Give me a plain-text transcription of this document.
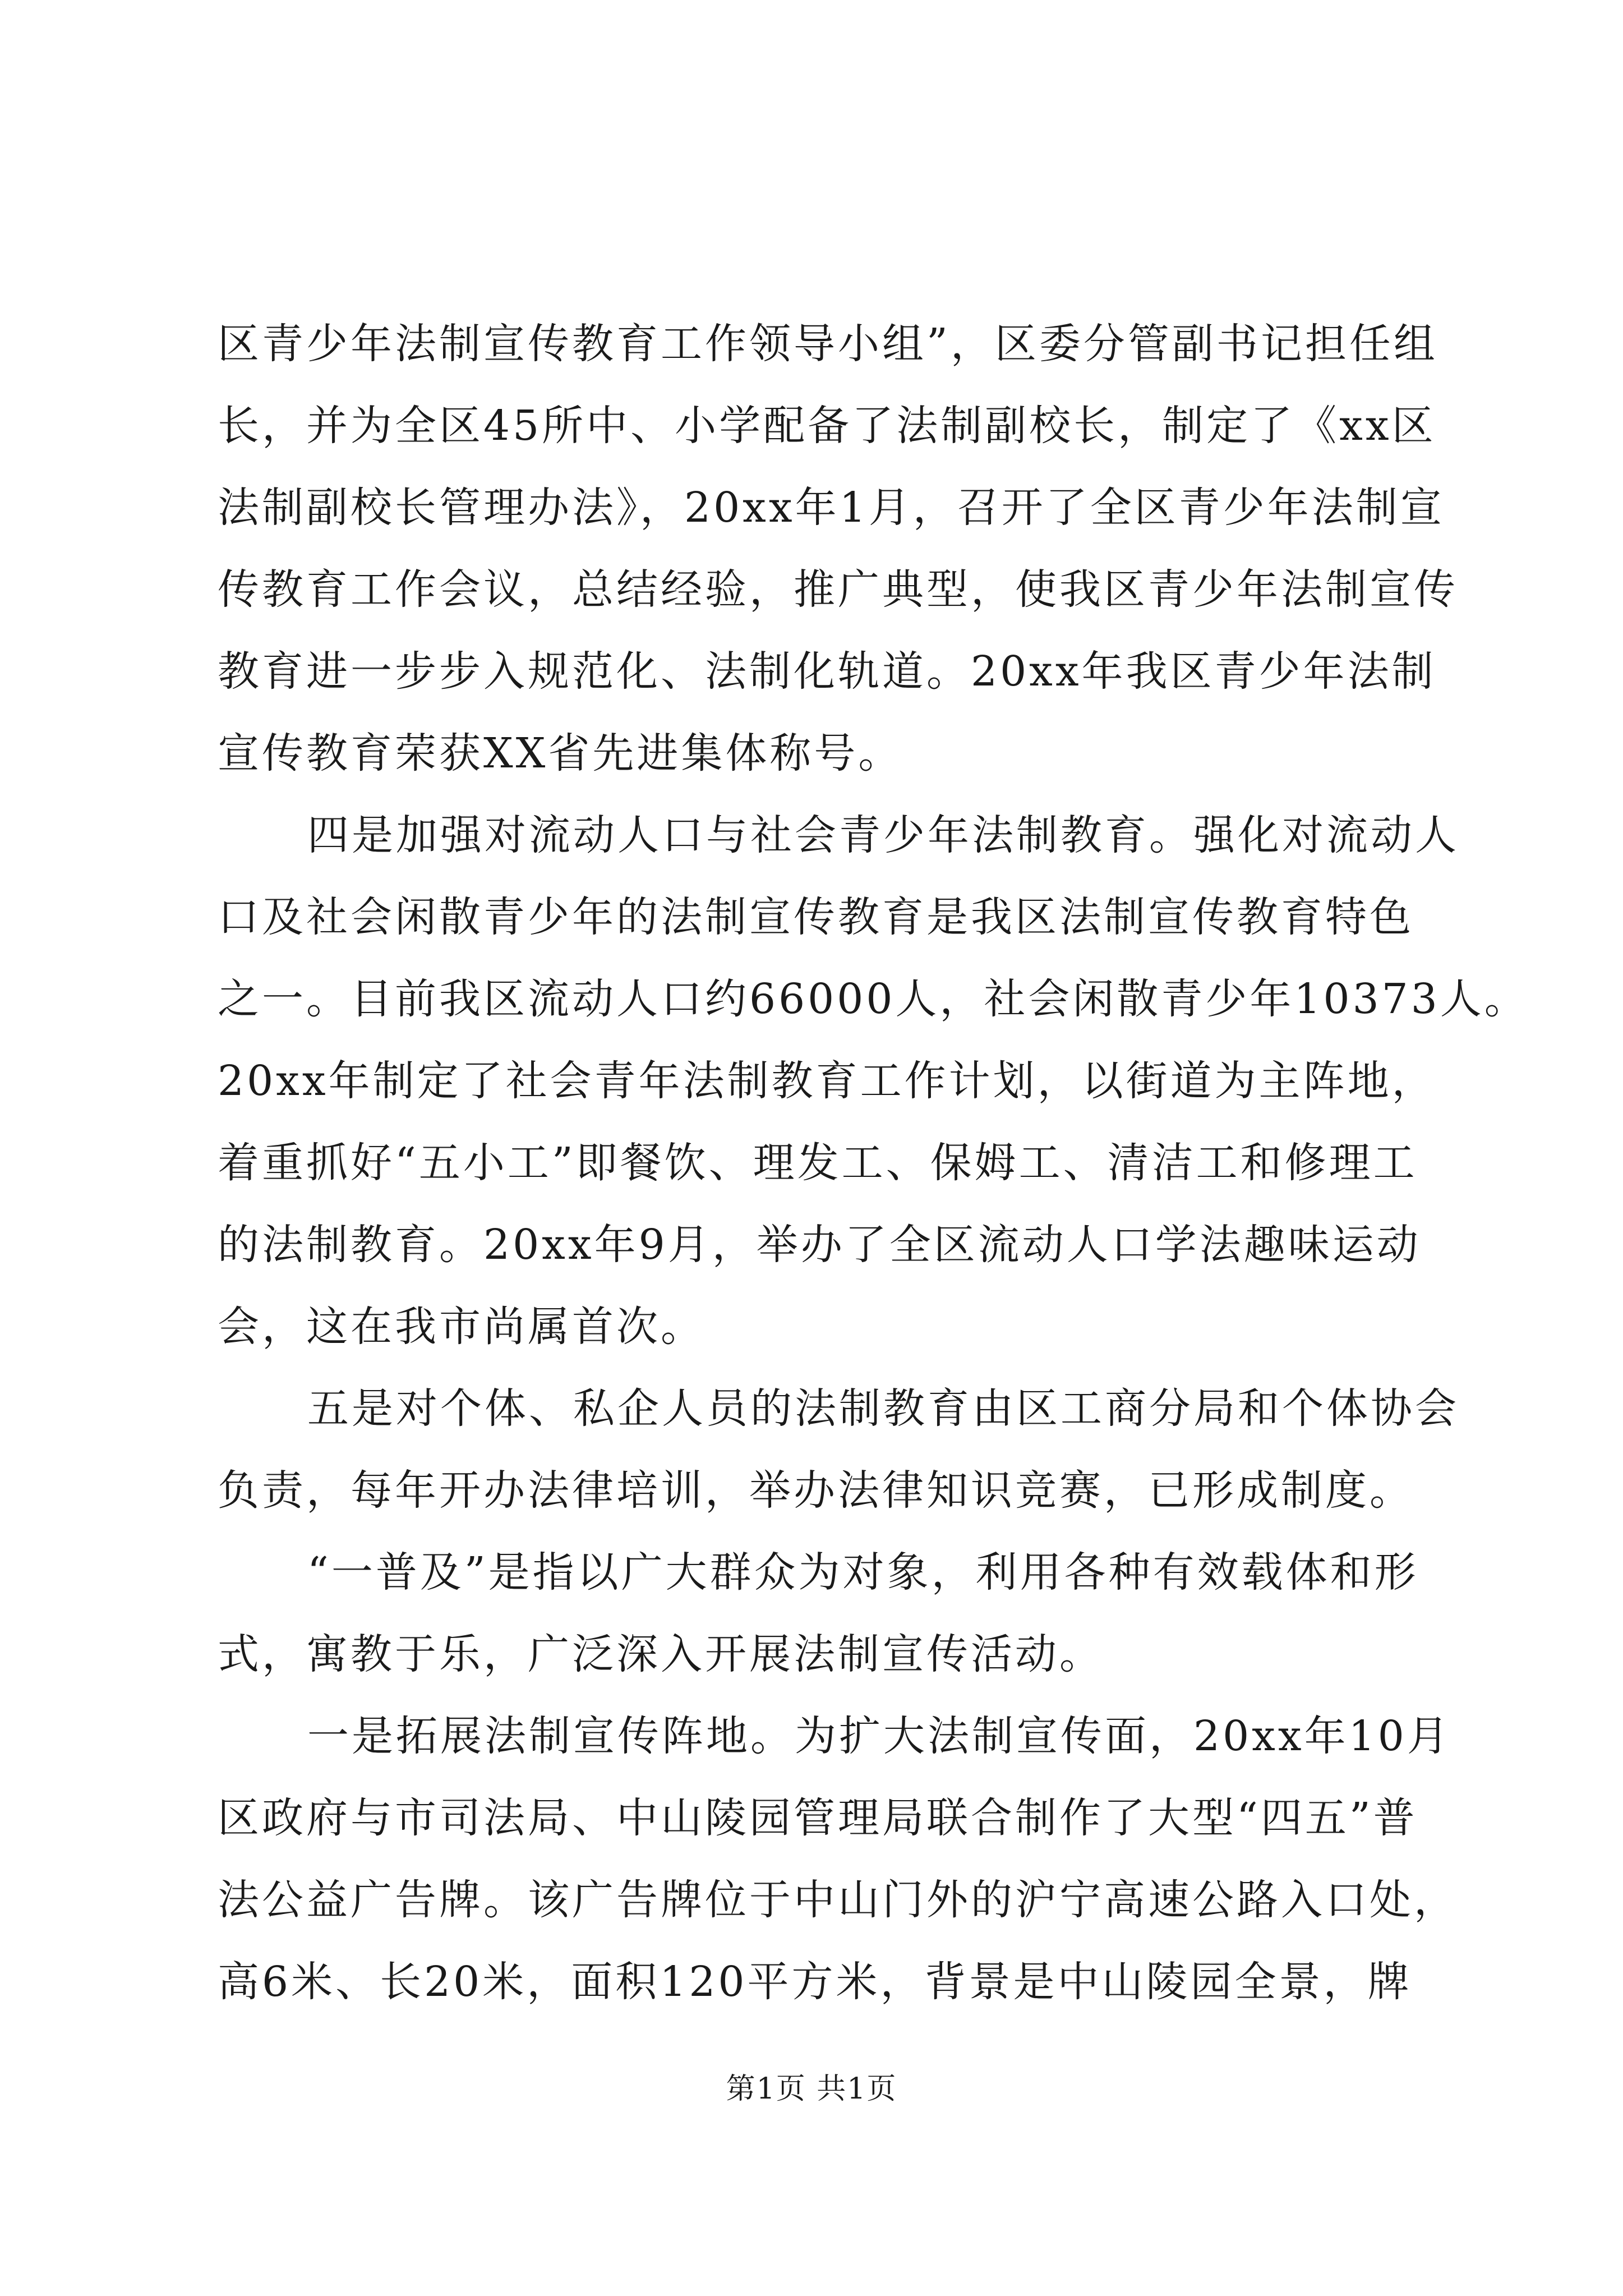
区青少年法制宣传教育工作领导小组”，区委分管副书记担任组
长，并为全区45所中、小学配备了法制副校长，制定了《xx区
法制副校长管理办法》，20xx年1月，召开了全区青少年法制宣
传教育工作会议，总结经验，推广典型，使我区青少年法制宣传
教育进一步步入规范化、法制化轨道。20xx年我区青少年法制
宣传教育荣获XX省先进集体称号。
四是加强对流动人口与社会青少年法制教育。强化对流动人
口及社会闲散青少年的法制宣传教育是我区法制宣传教育特色
之一。目前我区流动人口约66000人，社会闲散青少年10373人。
20xx年制定了社会青年法制教育工作计划，以街道为主阵地，
着重抓好“五小工”即餐饮、理发工、保姆工、清洁工和修理工
的法制教育。20xx年9月，举办了全区流动人口学法趣味运动
会，这在我市尚属首次。
五是对个体、私企人员的法制教育由区工商分局和个体协会
负责，每年开办法律培训，举办法律知识竞赛，已形成制度。
“一普及”是指以广大群众为对象，利用各种有效载体和形
式，寓教于乐，广泛深入开展法制宣传活动。
一是拓展法制宣传阵地。为扩大法制宣传面，20xx年10月
区政府与市司法局、中山陵园管理局联合制作了大型“四五”普
法公益广告牌。该广告牌位于中山门外的沪宁高速公路入口处，
高6米、长20米，面积120平方米，背景是中山陵园全景，牌
第1页 共1页
